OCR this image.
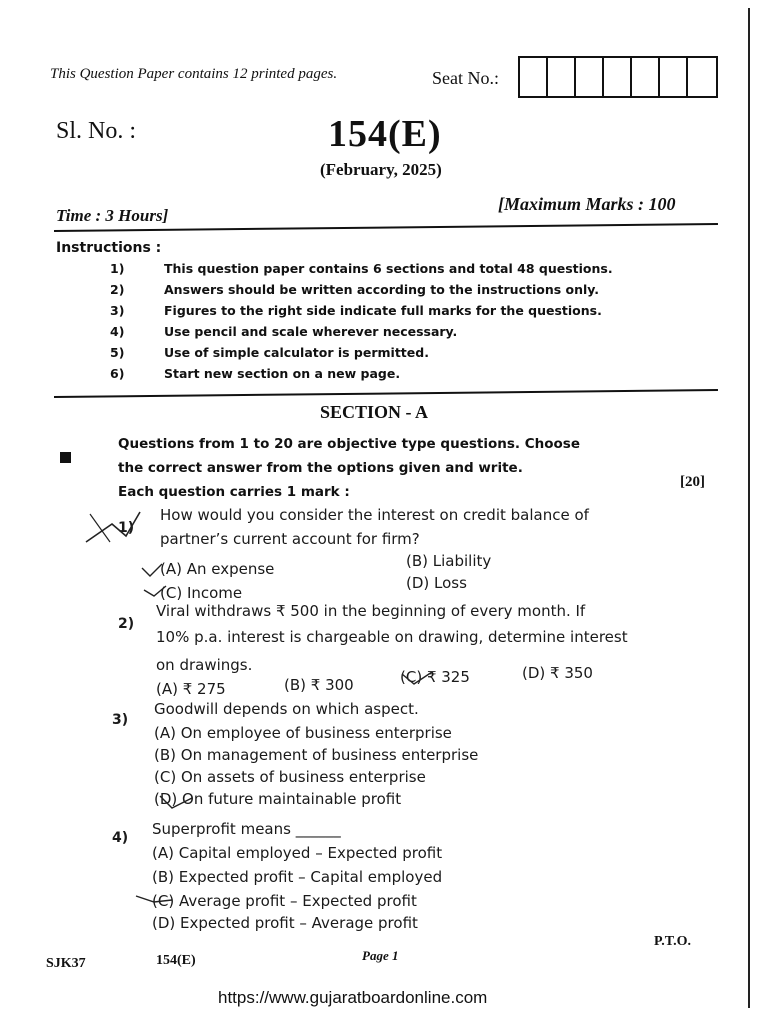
This Question Paper contains 12 printed pages.	Seat No.:
Sl. No. :	154(E)
(February, 2025)
Time : 3 Hours]
[Maximum Marks : 100
Instructions :
1)	This question paper contains 6 sections and total 48 questions.
2)	Answers should be written according to the instructions only.
3)	Figures to the right side indicate full marks for the questions.
4)	Use pencil and scale wherever necessary.
5)	Use of simple calculator is permitted.
6)	Start new section on a new page.
SECTION - A
Questions from 1 to 20 are objective type questions. Choose
the correct answer from the options given and write.
Each question carries 1 mark :
[20]
1)
How would you consider the interest on credit balance of
partner’s current account for firm?
(A) An expense	(B) Liability
(C) Income
(D) Loss
2)
Viral withdraws ₹ 500 in the beginning of every month. If
10% p.a. interest is chargeable on drawing, determine interest
on drawings.
(A) ₹ 275	(B) ₹ 300	(C) ₹ 325	(D) ₹ 350
3)
Goodwill depends on which aspect.
(A) On employee of business enterprise
(B) On management of business enterprise
(C) On assets of business enterprise
(D) On future maintainable profit
4) Superprofit means ______
(A) Capital employed – Expected profit
(B) Expected profit – Capital employed
(C) Average profit – Expected profit
(D) Expected profit – Average profit
SJK37	154(E)	Page 1
P.T.O.
https://www.gujaratboardonline.com
